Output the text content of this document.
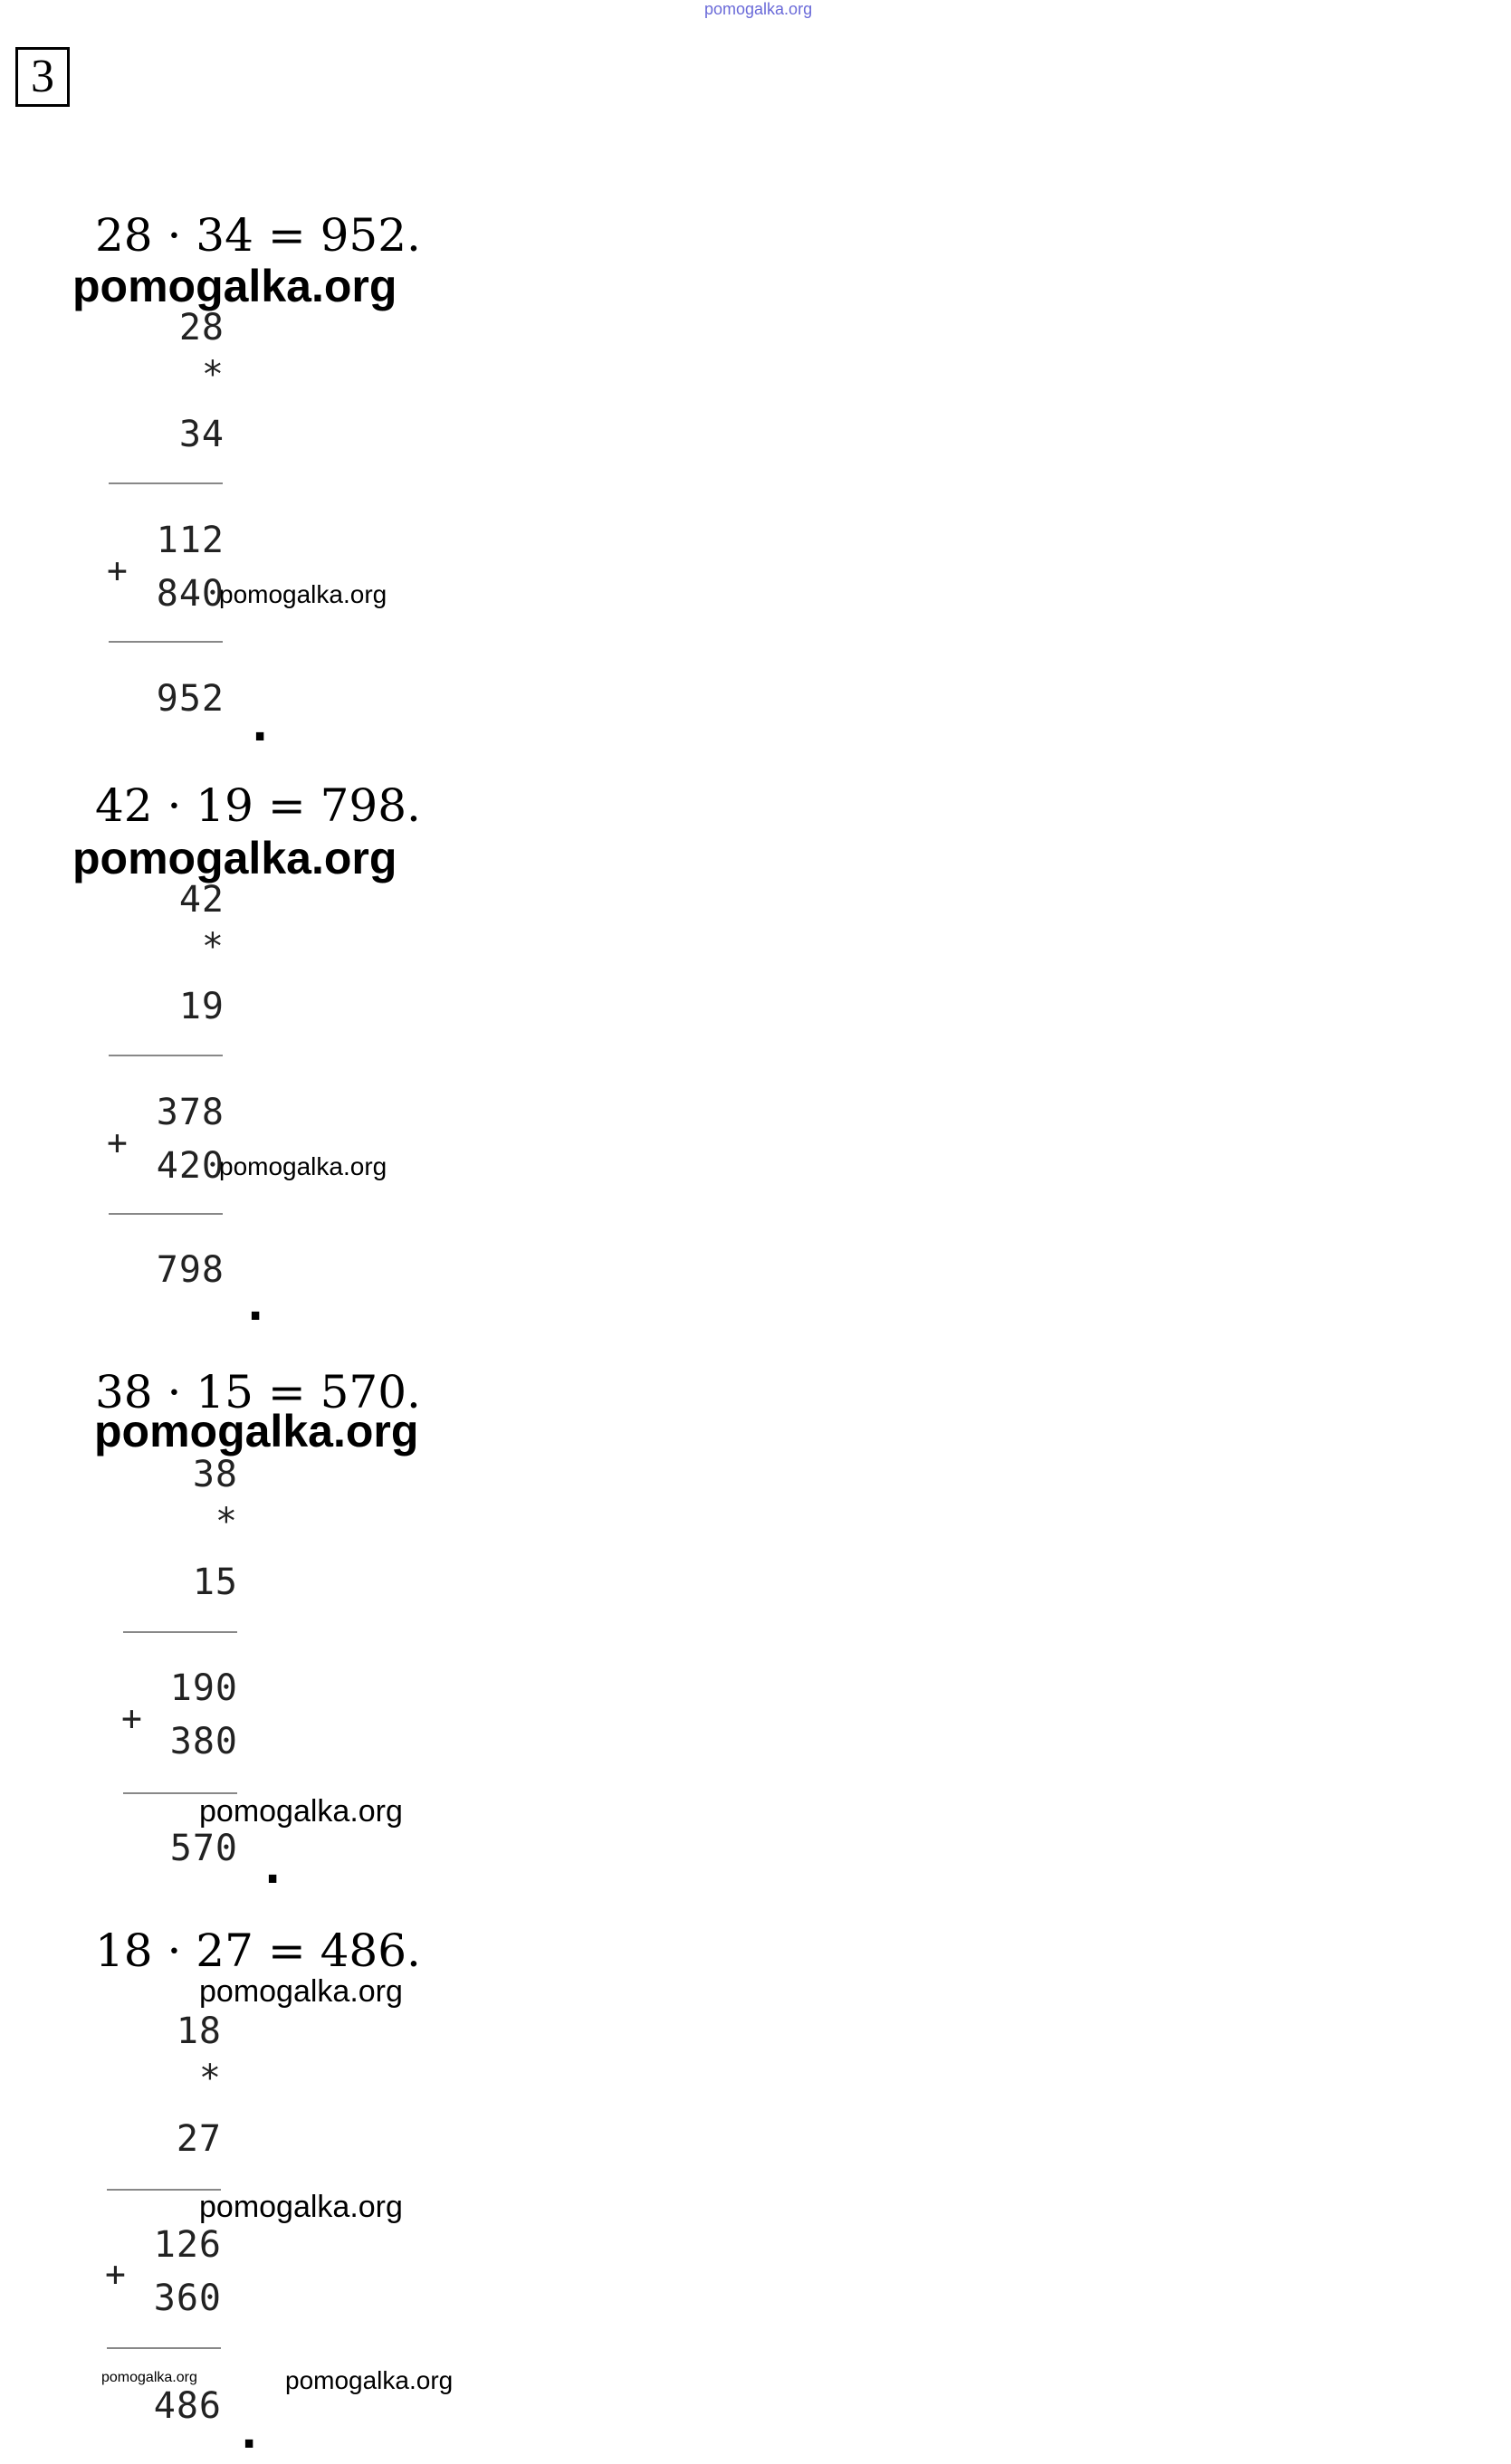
pomogalka.org
3
28 · 34 = 952.
pomogalka.org
28
*
34
+
112
840
pomogalka.org
952
.
42 · 19 = 798.
pomogalka.org
42
*
19
+
378
420
pomogalka.org
798
.
38 · 15 = 570.
pomogalka.org
38
*
15
+
190
380
pomogalka.org
570 .
18 · 27 = 486.
pomogalka.org
18
*
27
pomogalka.org
+
126
360
pomogalka.org	pomogalka.org
486
.
